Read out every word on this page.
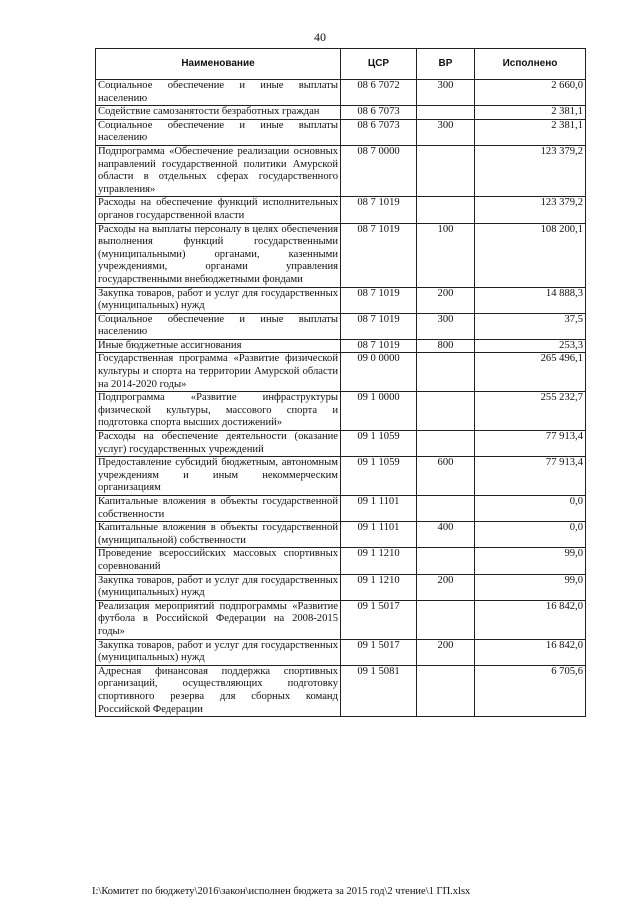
40
Наименование	ЦСР	ВР	Исполнено
Социальное обеспечение и иные выплаты населению	08 6 7072	300	2 660,0
Содействие самозанятости безработных граждан	08 6 7073		2 381,1
Социальное обеспечение и иные выплаты населению	08 6 7073	300	2 381,1
Подпрограмма «Обеспечение реализации основных направлений государственной политики Амурской области в отдельных сферах государственного управления»	08 7 0000		123 379,2
Расходы на обеспечение функций исполнительных органов государственной власти	08 7 1019		123 379,2
Расходы на выплаты персоналу в целях обеспечения выполнения функций государственными (муниципальными) органами, казенными учреждениями, органами управления государственными внебюджетными фондами	08 7 1019	100	108 200,1
Закупка товаров, работ и услуг для государственных (муниципальных) нужд	08 7 1019	200	14 888,3
Социальное обеспечение и иные выплаты населению	08 7 1019	300	37,5
Иные бюджетные ассигнования	08 7 1019	800	253,3
Государственная программа «Развитие физической культуры и спорта на территории Амурской области на 2014-2020 годы»	09 0 0000		265 496,1
Подпрограмма «Развитие инфраструктуры физической культуры, массового спорта и подготовка спорта высших достижений»	09 1 0000		255 232,7
Расходы на обеспечение деятельности (оказание услуг) государственных учреждений	09 1 1059		77 913,4
Предоставление субсидий бюджетным, автономным учреждениям и иным некоммерческим организациям	09 1 1059	600	77 913,4
Капитальные вложения в объекты государственной собственности	09 1 1101		0,0
Капитальные вложения в объекты государственной (муниципальной) собственности	09 1 1101	400	0,0
Проведение всероссийских массовых спортивных соревнований	09 1 1210		99,0
Закупка товаров, работ и услуг для государственных (муниципальных) нужд	09 1 1210	200	99,0
Реализация мероприятий подпрограммы «Развитие футбола в Российской Федерации на 2008-2015 годы»	09 1 5017		16 842,0
Закупка товаров, работ и услуг для государственных (муниципальных) нужд	09 1 5017	200	16 842,0
Адресная финансовая поддержка спортивных организаций, осуществляющих подготовку спортивного резерва для сборных команд Российской Федерации	09 1 5081		6 705,6
I:\Комитет по бюджету\2016\закон\исполнен бюджета за 2015 год\2 чтение\1 ГП.xlsx
